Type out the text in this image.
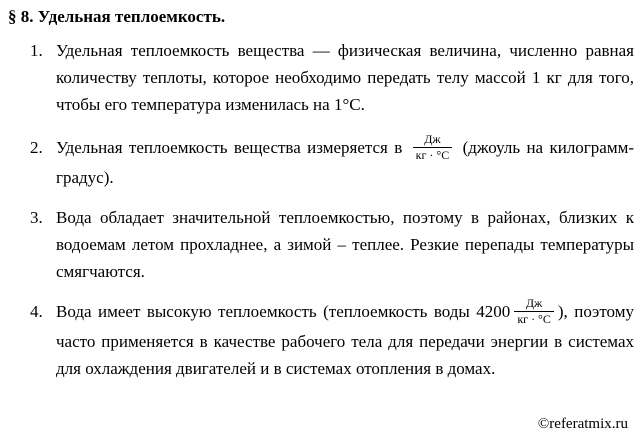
§ 8. Удельная теплоемкость.
1. Удельная теплоемкость вещества — физическая величина, численно равная количеству теплоты, которое необходимо передать телу массой 1 кг для того, чтобы его температура изменилась на 1°С.
2. Удельная теплоемкость вещества измеряется в $\frac{Дж}{кг \cdot ^\circ С}$ (джоуль на килограмм-градус).
3. Вода обладает значительной теплоемкостью, поэтому в районах, близких к водоемам летом прохладнее, а зимой – теплее. Резкие перепады температуры смягчаются.
4. Вода имеет высокую теплоемкость (теплоемкость воды $4200 \frac{Дж}{кг \cdot ^\circ С}$ ), поэтому часто применяется в качестве рабочего тела для передачи энергии в системах для охлаждения двигателей и в системах отопления в домах.
©referatmix.ru
